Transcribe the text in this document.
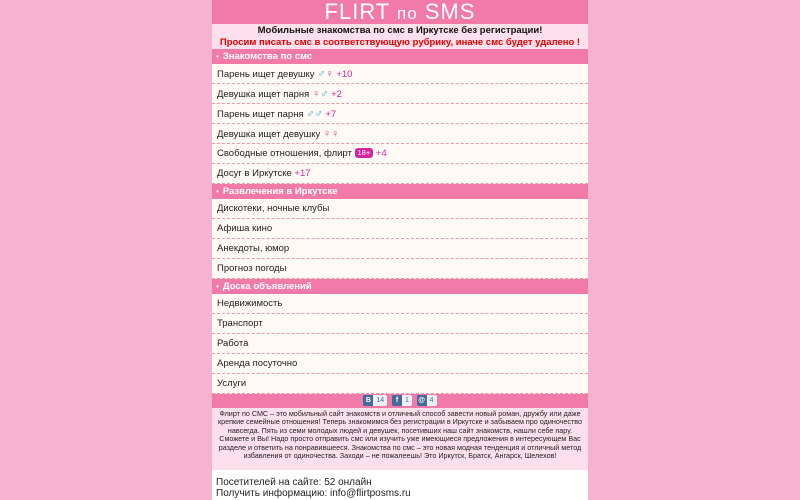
FLIRT по SMS
Мобильные знакомства по смс в Иркутске без регистрации!
Просим писать смс в соответствующую рубрику, иначе смс будет удалено !
• Знакомства по смс
Парень ищет девушку ♂♀ +10
Девушка ищет парня ♀♂ +2
Парень ищет парня ♂♂ +7
Девушка ищет девушку ♀♀
Свободные отношения, флирт 18+ +4
Досуг в Иркутске +17
• Развлечения в Иркутске
Дискотеки, ночные клубы
Афиша кино
Анекдоты, юмор
Прогноз погоды
• Доска объявлений
Недвижимость
Транспорт
Работа
Аренда посуточно
Услуги
B 14 f 1 @ 4
Флирт по СМС – это мобильный сайт знакомств и отличный способ завести новый роман, дружбу или даже крепкие семейные отношения! Теперь знакомимся без регистрации в Иркутске и забываем про одиночество навсегда. Пять из семи молодых людей и девушек, посетивших наш сайт знакомств, нашли себе пару. Сможете и Вы! Надо просто отправить смс или изучить уже имеющиеся предложения в интересующем Вас разделе и ответить на понравившееся. Знакомства по смс – это новая модная тенденция и отличный метод избавления от одиночества. Заходи – не пожалеешь! Это Иркутск, Братск, Ангарск, Шелехов!
Посетителей на сайте: 52 онлайн
Получить информацию: info@flirtposms.ru
